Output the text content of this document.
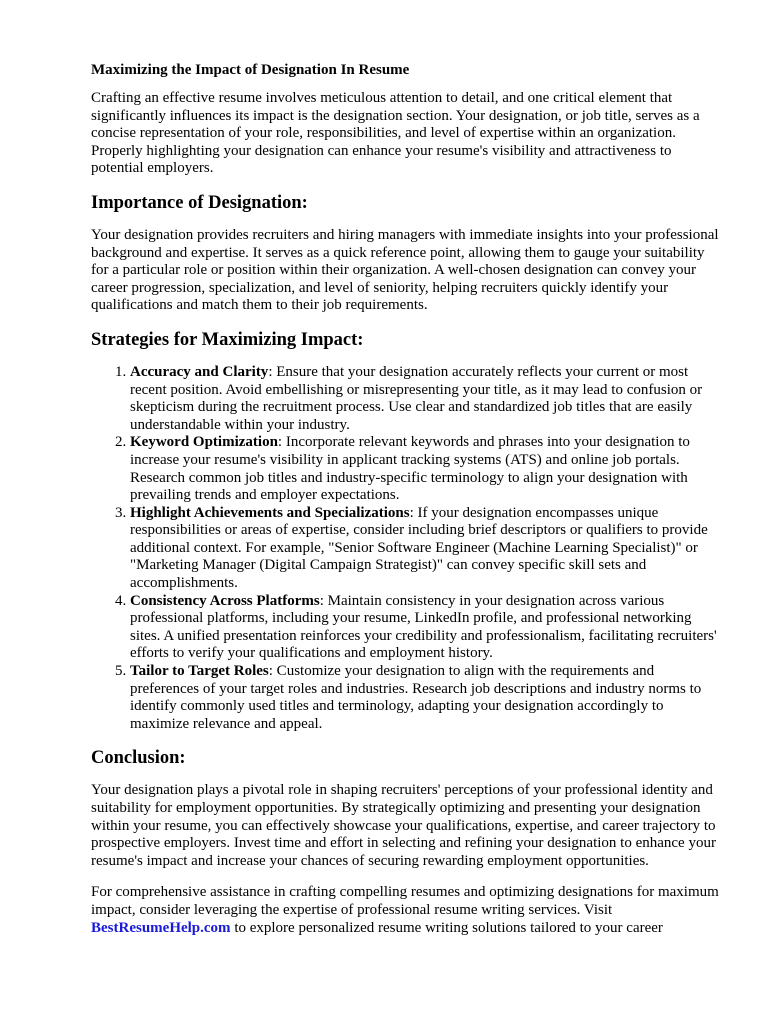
Maximizing the Impact of Designation In Resume

Crafting an effective resume involves meticulous attention to detail, and one critical element that significantly influences its impact is the designation section. Your designation, or job title, serves as a concise representation of your role, responsibilities, and level of expertise within an organization. Properly highlighting your designation can enhance your resume's visibility and attractiveness to potential employers.

Importance of Designation:

Your designation provides recruiters and hiring managers with immediate insights into your professional background and expertise. It serves as a quick reference point, allowing them to gauge your suitability for a particular role or position within their organization. A well-chosen designation can convey your career progression, specialization, and level of seniority, helping recruiters quickly identify your qualifications and match them to their job requirements.

Strategies for Maximizing Impact:
1. Accuracy and Clarity: Ensure that your designation accurately reflects your current or most recent position. Avoid embellishing or misrepresenting your title, as it may lead to confusion or skepticism during the recruitment process. Use clear and standardized job titles that are easily understandable within your industry.
2. Keyword Optimization: Incorporate relevant keywords and phrases into your designation to increase your resume's visibility in applicant tracking systems (ATS) and online job portals. Research common job titles and industry-specific terminology to align your designation with prevailing trends and employer expectations.
3. Highlight Achievements and Specializations: If your designation encompasses unique responsibilities or areas of expertise, consider including brief descriptors or qualifiers to provide additional context. For example, "Senior Software Engineer (Machine Learning Specialist)" or "Marketing Manager (Digital Campaign Strategist)" can convey specific skill sets and accomplishments.
4. Consistency Across Platforms: Maintain consistency in your designation across various professional platforms, including your resume, LinkedIn profile, and professional networking sites. A unified presentation reinforces your credibility and professionalism, facilitating recruiters' efforts to verify your qualifications and employment history.
5. Tailor to Target Roles: Customize your designation to align with the requirements and preferences of your target roles and industries. Research job descriptions and industry norms to identify commonly used titles and terminology, adapting your designation accordingly to maximize relevance and appeal.
Conclusion:

Your designation plays a pivotal role in shaping recruiters' perceptions of your professional identity and suitability for employment opportunities. By strategically optimizing and presenting your designation within your resume, you can effectively showcase your qualifications, expertise, and career trajectory to prospective employers. Invest time and effort in selecting and refining your designation to enhance your resume's impact and increase your chances of securing rewarding employment opportunities.

For comprehensive assistance in crafting compelling resumes and optimizing designations for maximum impact, consider leveraging the expertise of professional resume writing services. Visit BestResumeHelp.com to explore personalized resume writing solutions tailored to your career
